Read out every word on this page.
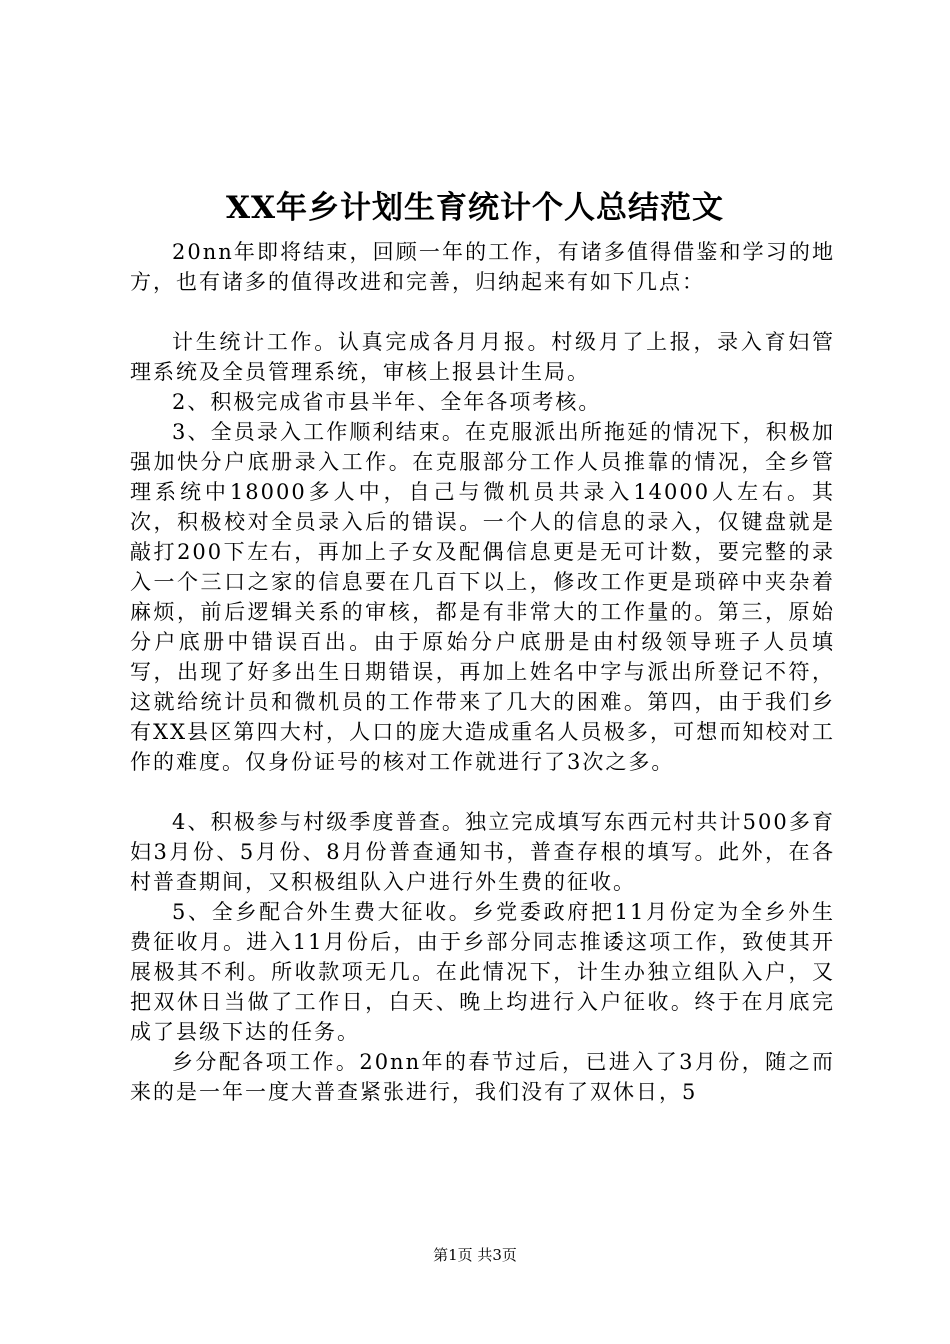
XX年乡计划生育统计个人总结范文

20nn年即将结束，回顾一年的工作，有诸多值得借鉴和学习的地方，也有诸多的值得改进和完善，归纳起来有如下几点：

计生统计工作。认真完成各月月报。村级月了上报，录入育妇管理系统及全员管理系统，审核上报县计生局。

2、积极完成省市县半年、全年各项考核。

3、全员录入工作顺利结束。在克服派出所拖延的情况下，积极加强加快分户底册录入工作。在克服部分工作人员推靠的情况，全乡管理系统中18000多人中，自己与微机员共录入14000人左右。其次，积极校对全员录入后的错误。一个人的信息的录入，仅键盘就是敲打200下左右，再加上子女及配偶信息更是无可计数，要完整的录入一个三口之家的信息要在几百下以上，修改工作更是琐碎中夹杂着麻烦，前后逻辑关系的审核，都是有非常大的工作量的。第三，原始分户底册中错误百出。由于原始分户底册是由村级领导班子人员填写，出现了好多出生日期错误，再加上姓名中字与派出所登记不符，这就给统计员和微机员的工作带来了几大的困难。第四，由于我们乡有XX县区第四大村，人口的庞大造成重名人员极多，可想而知校对工作的难度。仅身份证号的核对工作就进行了3次之多。

4、积极参与村级季度普查。独立完成填写东西元村共计500多育妇3月份、5月份、8月份普查通知书，普查存根的填写。此外，在各村普查期间，又积极组队入户进行外生费的征收。

5、全乡配合外生费大征收。乡党委政府把11月份定为全乡外生费征收月。进入11月份后，由于乡部分同志推诿这项工作，致使其开展极其不利。所收款项无几。在此情况下，计生办独立组队入户，又把双休日当做了工作日，白天、晚上均进行入户征收。终于在月底完成了县级下达的任务。

乡分配各项工作。20nn年的春节过后，已进入了3月份，随之而来的是一年一度大普查紧张进行，我们没有了双休日，5

第1页 共3页
